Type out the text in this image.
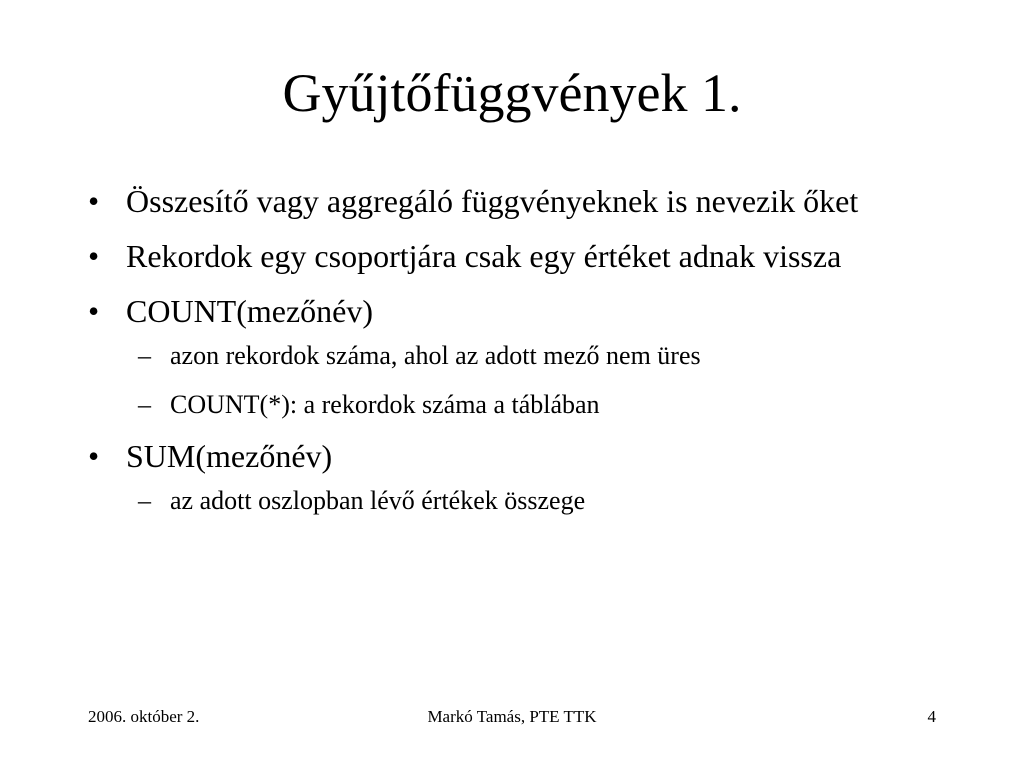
Gyűjtőfüggvények 1.
• Összesítő vagy aggregáló függvényeknek is nevezik őket
• Rekordok egy csoportjára csak egy értéket adnak vissza
• COUNT(mezőnév)
– azon rekordok száma, ahol az adott mező nem üres
– COUNT(*): a rekordok száma a táblában
• SUM(mezőnév)
– az adott oszlopban lévő értékek összege
2006. október 2.	Markó Tamás, PTE TTK	4
